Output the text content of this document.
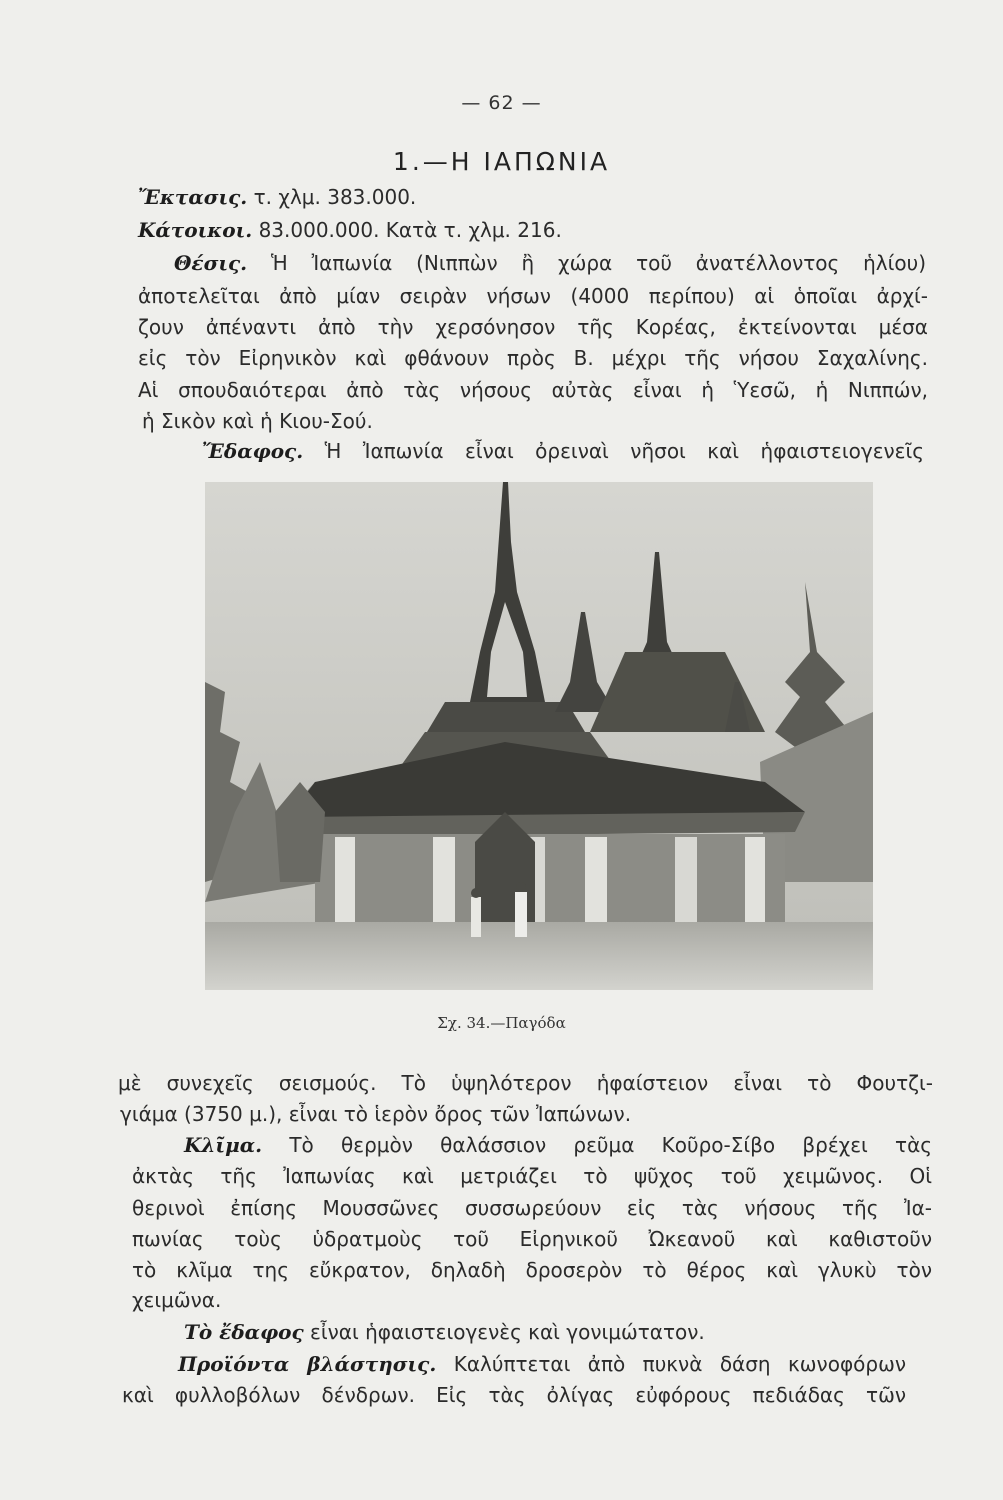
— 62 —
1.—Η ΙΑΠΩΝΙΑ
Ἔκτασις. τ. χλμ. 383.000.
Κάτοικοι. 83.000.000. Κατὰ τ. χλμ. 216.
Θέσις. Ἡ Ἰαπωνία (Νιππὼν ἢ χώρα τοῦ ἀνατέλλοντος ἡλίου)
ἀποτελεῖται ἀπὸ μίαν σειρὰν νήσων (4000 περίπου) αἱ ὁποῖαι ἀρχί-
ζουν ἀπέναντι ἀπὸ τὴν χερσόνησον τῆς Κορέας, ἐκτείνονται μέσα
εἰς τὸν Εἰρηνικὸν καὶ φθάνουν πρὸς Β. μέχρι τῆς νήσου Σαχαλίνης.
Αἱ σπουδαιότεραι ἀπὸ τὰς νήσους αὐτὰς εἶναι ἡ Ὑεσῶ, ἡ Νιππών,
ἡ Σικὸν καὶ ἡ Κιου-Σού.
Ἔδαφος. Ἡ Ἰαπωνία εἶναι ὀρειναὶ νῆσοι καὶ ἡφαιστειογενεῖς
Σχ. 34.—Παγόδα
μὲ συνεχεῖς σεισμούς. Τὸ ὑψηλότερον ἡφαίστειον εἶναι τὸ Φουτζι-
γιάμα (3750 μ.), εἶναι τὸ ἱερὸν ὄρος τῶν Ἰαπώνων.
Κλῖμα. Τὸ θερμὸν θαλάσσιον ρεῦμα Κοῦρο-Σίβο βρέχει τὰς
ἀκτὰς τῆς Ἰαπωνίας καὶ μετριάζει τὸ ψῦχος τοῦ χειμῶνος. Οἱ
θερινοὶ ἐπίσης Μουσσῶνες συσσωρεύουν εἰς τὰς νήσους τῆς Ἰα-
πωνίας τοὺς ὑδρατμοὺς τοῦ Εἰρηνικοῦ Ὠκεανοῦ καὶ καθιστοῦν
τὸ κλῖμα της εὔκρατον, δηλαδὴ δροσερὸν τὸ θέρος καὶ γλυκὺ τὸν
χειμῶνα.
Τὸ ἔδαφος εἶναι ἡφαιστειογενὲς καὶ γονιμώτατον.
Προϊόντα βλάστησις. Καλύπτεται ἀπὸ πυκνὰ δάση κωνοφόρων
καὶ φυλλοβόλων δένδρων. Εἰς τὰς ὀλίγας εὐφόρους πεδιάδας τῶν
